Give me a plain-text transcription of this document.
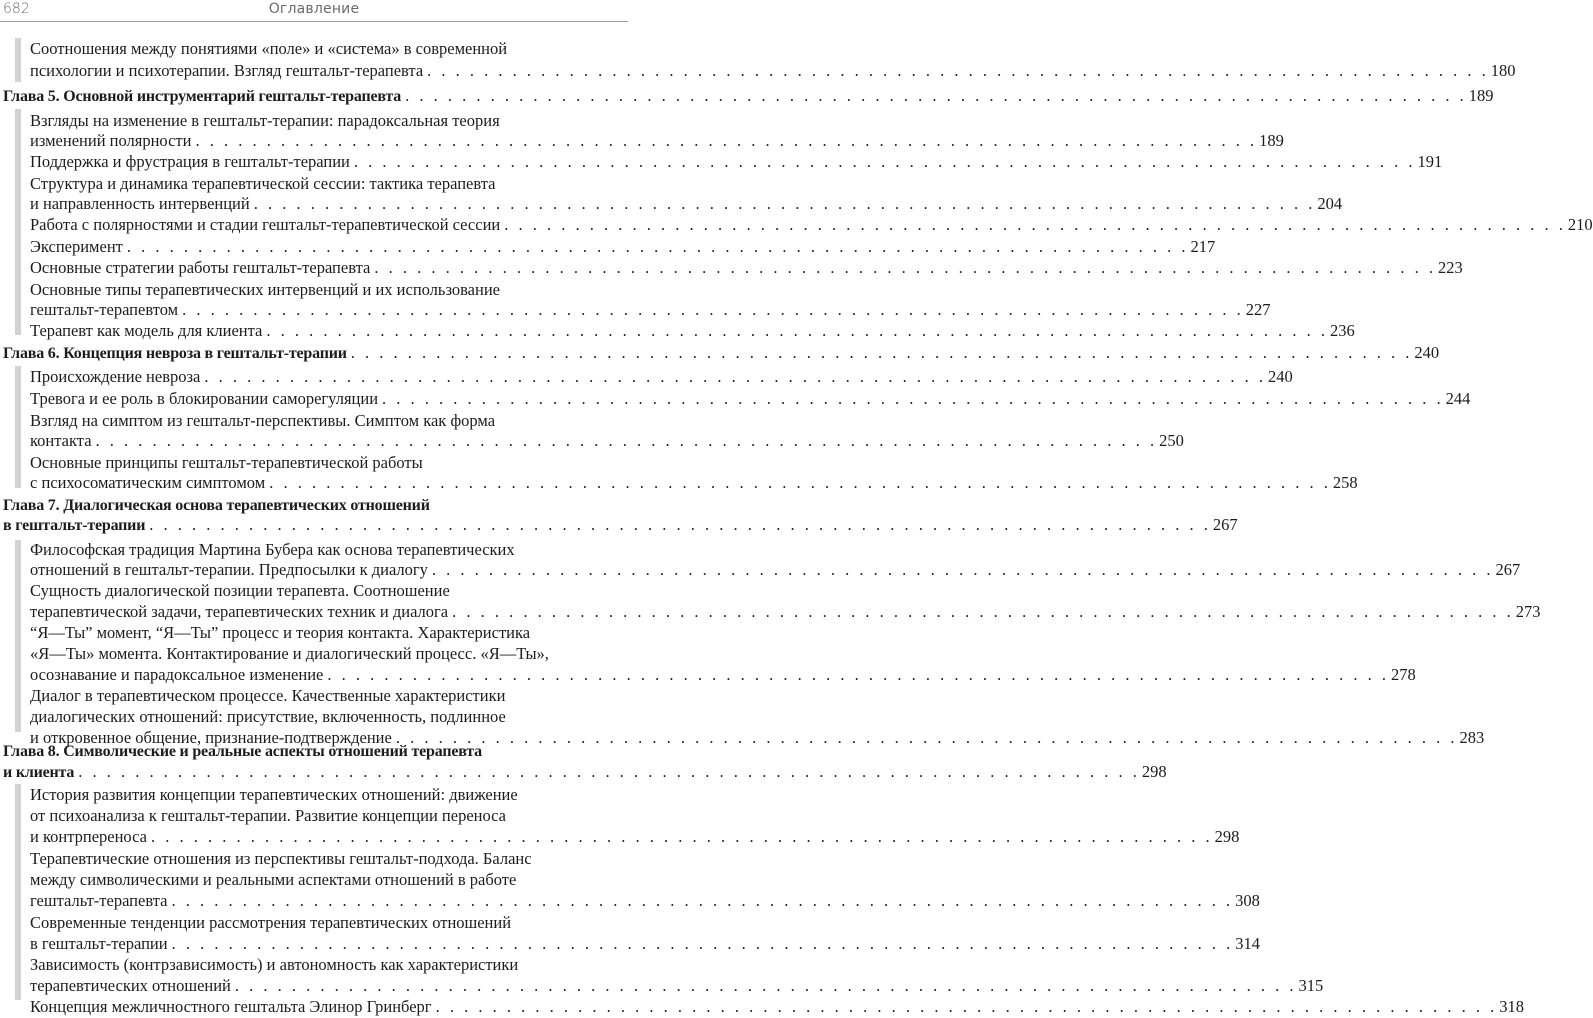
682	Оглавление
Соотношения между понятиями «поле» и «система» в современной
психологии и психотерапии. Взгляд гештальт-терапевта . . . . . . . . . . . . . . . . . . . . . . . . . . . . . . . . . . . . . . . . . . . . . . . . . . . . . . . . . . . . . . . . . . . . . . . . . . . 180
Глава 5. Основной инструментарий гештальт-терапевта . . . . . . . . . . . . . . . . . . . . . . . . . . . . . . . . . . . . . . . . . . . . . . . . . . . . . . . . . . . . . . . . . . . . . . . . . . . 189
Взгляды на изменение в гештальт-терапии: парадоксальная теория
изменений полярности . . . . . . . . . . . . . . . . . . . . . . . . . . . . . . . . . . . . . . . . . . . . . . . . . . . . . . . . . . . . . . . . . . . . . . . . . . . 189
Поддержка и фрустрация в гештальт-терапии . . . . . . . . . . . . . . . . . . . . . . . . . . . . . . . . . . . . . . . . . . . . . . . . . . . . . . . . . . . . . . . . . . . . . . . . . . . 191
Структура и динамика терапевтической сессии: тактика терапевта
и направленность интервенций . . . . . . . . . . . . . . . . . . . . . . . . . . . . . . . . . . . . . . . . . . . . . . . . . . . . . . . . . . . . . . . . . . . . . . . . . . . 204
Работа с полярностями и стадии гештальт-терапевтической сессии . . . . . . . . . . . . . . . . . . . . . . . . . . . . . . . . . . . . . . . . . . . . . . . . . . . . . . . . . . . . . . . . . . . . . . . . . . . 210
Эксперимент . . . . . . . . . . . . . . . . . . . . . . . . . . . . . . . . . . . . . . . . . . . . . . . . . . . . . . . . . . . . . . . . . . . . . . . . . . . 217
Основные стратегии работы гештальт-терапевта . . . . . . . . . . . . . . . . . . . . . . . . . . . . . . . . . . . . . . . . . . . . . . . . . . . . . . . . . . . . . . . . . . . . . . . . . . . 223
Основные типы терапевтических интервенций и их использование
гештальт-терапевтом . . . . . . . . . . . . . . . . . . . . . . . . . . . . . . . . . . . . . . . . . . . . . . . . . . . . . . . . . . . . . . . . . . . . . . . . . . . 227
Терапевт как модель для клиента . . . . . . . . . . . . . . . . . . . . . . . . . . . . . . . . . . . . . . . . . . . . . . . . . . . . . . . . . . . . . . . . . . . . . . . . . . . 236
Глава 6. Концепция невроза в гештальт-терапии . . . . . . . . . . . . . . . . . . . . . . . . . . . . . . . . . . . . . . . . . . . . . . . . . . . . . . . . . . . . . . . . . . . . . . . . . . . 240
Происхождение невроза . . . . . . . . . . . . . . . . . . . . . . . . . . . . . . . . . . . . . . . . . . . . . . . . . . . . . . . . . . . . . . . . . . . . . . . . . . . 240
Тревога и ее роль в блокировании саморегуляции . . . . . . . . . . . . . . . . . . . . . . . . . . . . . . . . . . . . . . . . . . . . . . . . . . . . . . . . . . . . . . . . . . . . . . . . . . . 244
Взгляд на симптом из гештальт-перспективы. Симптом как форма
контакта . . . . . . . . . . . . . . . . . . . . . . . . . . . . . . . . . . . . . . . . . . . . . . . . . . . . . . . . . . . . . . . . . . . . . . . . . . . 250
Основные принципы гештальт-терапевтической работы
с психосоматическим симптомом . . . . . . . . . . . . . . . . . . . . . . . . . . . . . . . . . . . . . . . . . . . . . . . . . . . . . . . . . . . . . . . . . . . . . . . . . . . 258
Глава 7. Диалогическая основа терапевтических отношений
в гештальт-терапии . . . . . . . . . . . . . . . . . . . . . . . . . . . . . . . . . . . . . . . . . . . . . . . . . . . . . . . . . . . . . . . . . . . . . . . . . . . 267
Философская традиция Мартина Бубера как основа терапевтических
отношений в гештальт-терапии. Предпосылки к диалогу . . . . . . . . . . . . . . . . . . . . . . . . . . . . . . . . . . . . . . . . . . . . . . . . . . . . . . . . . . . . . . . . . . . . . . . . . . . 267
Сущность диалогической позиции терапевта. Соотношение
терапевтической задачи, терапевтических техник и диалога . . . . . . . . . . . . . . . . . . . . . . . . . . . . . . . . . . . . . . . . . . . . . . . . . . . . . . . . . . . . . . . . . . . . . . . . . . . 273
“Я—Ты” момент, “Я—Ты” процесс и теория контакта. Характеристика
«Я—Ты» момента. Контактирование и диалогический процесс. «Я—Ты»,
осознавание и парадоксальное изменение . . . . . . . . . . . . . . . . . . . . . . . . . . . . . . . . . . . . . . . . . . . . . . . . . . . . . . . . . . . . . . . . . . . . . . . . . . . 278
Диалог в терапевтическом процессе. Качественные характеристики
диалогических отношений: присутствие, включенность, подлинное
и откровенное общение, признание-подтверждение . . . . . . . . . . . . . . . . . . . . . . . . . . . . . . . . . . . . . . . . . . . . . . . . . . . . . . . . . . . . . . . . . . . . . . . . . . . 283
Глава 8. Символические и реальные аспекты отношений терапевта
и клиента . . . . . . . . . . . . . . . . . . . . . . . . . . . . . . . . . . . . . . . . . . . . . . . . . . . . . . . . . . . . . . . . . . . . . . . . . . . 298
История развития концепции терапевтических отношений: движение
от психоанализа к гештальт-терапии. Развитие концепции переноса
и контрпереноса . . . . . . . . . . . . . . . . . . . . . . . . . . . . . . . . . . . . . . . . . . . . . . . . . . . . . . . . . . . . . . . . . . . . . . . . . . . 298
Терапевтические отношения из перспективы гештальт-подхода. Баланс
между символическими и реальными аспектами отношений в работе
гештальт-терапевта . . . . . . . . . . . . . . . . . . . . . . . . . . . . . . . . . . . . . . . . . . . . . . . . . . . . . . . . . . . . . . . . . . . . . . . . . . . 308
Современные тенденции рассмотрения терапевтических отношений
в гештальт-терапии . . . . . . . . . . . . . . . . . . . . . . . . . . . . . . . . . . . . . . . . . . . . . . . . . . . . . . . . . . . . . . . . . . . . . . . . . . . 314
Зависимость (контрзависимость) и автономность как характеристики
терапевтических отношений . . . . . . . . . . . . . . . . . . . . . . . . . . . . . . . . . . . . . . . . . . . . . . . . . . . . . . . . . . . . . . . . . . . . . . . . . . . 315
Концепция межличностного гештальта Элинор Гринберг . . . . . . . . . . . . . . . . . . . . . . . . . . . . . . . . . . . . . . . . . . . . . . . . . . . . . . . . . . . . . . . . . . . . . . . . . . . 318
